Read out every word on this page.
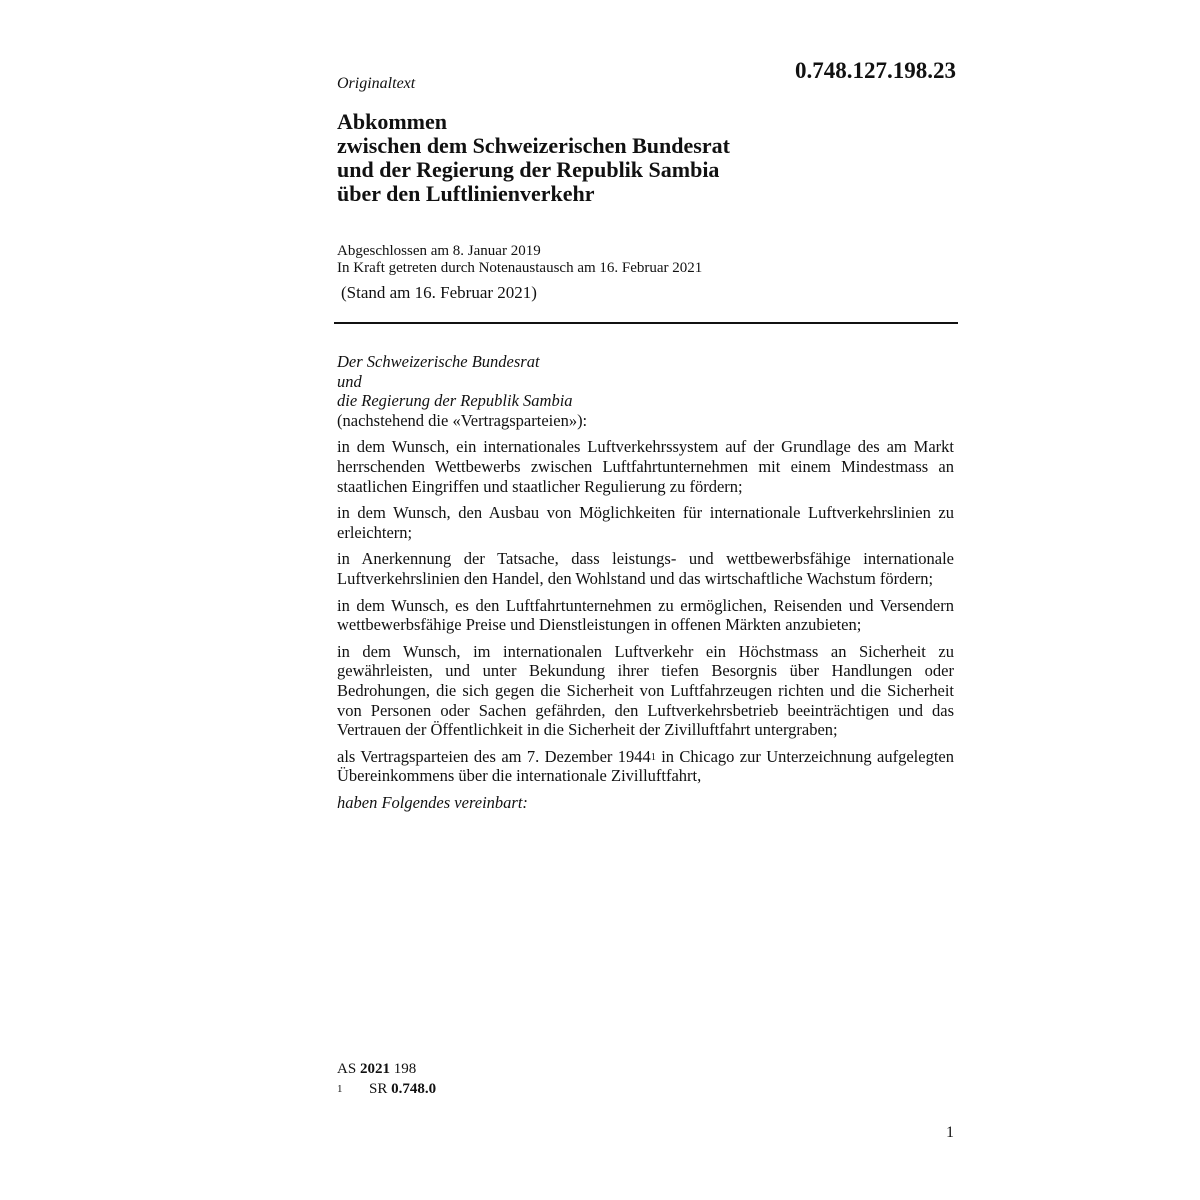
0.748.127.198.23
Originaltext
Abkommen
zwischen dem Schweizerischen Bundesrat
und der Regierung der Republik Sambia
über den Luftlinienverkehr
Abgeschlossen am 8. Januar 2019
In Kraft getreten durch Notenaustausch am 16. Februar 2021
(Stand am 16. Februar 2021)
Der Schweizerische Bundesrat
und
die Regierung der Republik Sambia
(nachstehend die «Vertragsparteien»):
in dem Wunsch, ein internationales Luftverkehrssystem auf der Grundlage des am Markt herrschenden Wettbewerbs zwischen Luftfahrtunternehmen mit einem Mindestmass an staatlichen Eingriffen und staatlicher Regulierung zu fördern;
in dem Wunsch, den Ausbau von Möglichkeiten für internationale Luftverkehrslinien zu erleichtern;
in Anerkennung der Tatsache, dass leistungs- und wettbewerbsfähige internationale Luftverkehrslinien den Handel, den Wohlstand und das wirtschaftliche Wachstum fördern;
in dem Wunsch, es den Luftfahrtunternehmen zu ermöglichen, Reisenden und Versendern wettbewerbsfähige Preise und Dienstleistungen in offenen Märkten anzubieten;
in dem Wunsch, im internationalen Luftverkehr ein Höchstmass an Sicherheit zu gewährleisten, und unter Bekundung ihrer tiefen Besorgnis über Handlungen oder Bedrohungen, die sich gegen die Sicherheit von Luftfahrzeugen richten und die Sicherheit von Personen oder Sachen gefährden, den Luftverkehrsbetrieb beeinträchtigen und das Vertrauen der Öffentlichkeit in die Sicherheit der Zivilluftfahrt untergraben;
als Vertragsparteien des am 7. Dezember 1944$^1$ in Chicago zur Unterzeichnung aufgelegten Übereinkommens über die internationale Zivilluftfahrt,
haben Folgendes vereinbart:
AS 2021 198
1 SR 0.748.0
1
